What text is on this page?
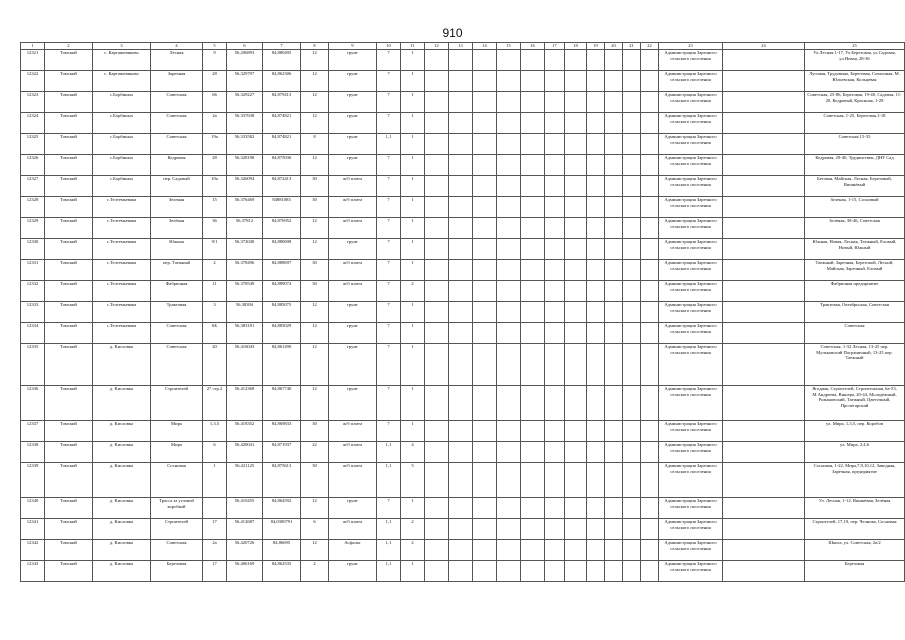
910
1	2	3	4	5	6	7	8	9	10	11	12	13	14	15	16	17	18	19	20	21	22	23	24	25
12321	Томский	с. Карташевиково	Лесная	9	56,206893	84,880495	12	грунт	7	1												Администрация Заречного сельского поселения		Ул.Лесная 1-17, Ул.Березовая, ул.Садовая, ул.Новая, 28-36
12322	Томский	с. Карташевиково	Заречная	28	56,329797	84,862306	12	грунт	7	1												Администрация Заречного сельского поселения		Лугоная, Трудовина, Береговая, Совхозная, М. Юльевская, Кольцевая
12323	Томский	с.Борбиных	Советская	66	56,329227	84,879413	12	грунт	7	1												Администрация Заречного сельского поселения		Советская, 25-86, Береговая, 19-40, Садовая, 11-20, Кедровый, Красноая, 1-28
12324	Томский	с.Борбиных	Советская	2а	56,337638	84,874821	12	грунт	7	1												Администрация Заречного сельского поселения		Советская, 1-25, Береговая,1-18
12325	Томский	с.Борбиных	Советская	19а	56,333582	84,874821	8	грунт	1,1	1												Администрация Заречного сельского поселения		Советская 15-35
12326	Томский	с.Борбиных	Кедровая	28	56,328198	84,875036	12	грунт	7	1												Администрация Заречного сельского поселения		Кедровая, 29-40, Трудинствен, ДНТ Сад
12327	Томский	с.Борбиных	пер. Садовый	10а	56,326094	84,872413	30	ж/б плита	7	1												Администрация Заречного сельского поселения		Беговая, Майская, Лесная, Березовый, Вишнёвый
12328	Томский	с.Телтемьевака	Зеленая	15	56,376469	84881083	30	ж/б плита	7	1												Администрация Заречного сельского поселения		Зеленая, 1-15, Сосновый
12329	Томский	с.Телтемьевака	Зелёная	36	56,37812	84,876952	12	ж/б плита	7	1												Администрация Заречного сельского поселения		Зелёная, 38-46, Советская
12330	Томский	с.Телтемьевака	Южная	9/1	56,372040	84,880698	12	грунт	7	1												Администрация Заречного сельского поселения		Южная, Новая, Лесная, Таежный, Еловый, Новый, Южный
12331	Томский	с.Телтемьевака	пер. Таежный	2	56,378496	84,888697	30	ж/б плита	7	1												Администрация Заречного сельского поселения		Таежный, Заречная, Береговой, Лесной, Майская, Заречный, Еловый
12332	Томский	с.Телтемьевака	Фабричная	11	56,378549	84,889074	30	ж/б плита	7	2												Администрация Заречного сельского поселения		Фабричная предприятие
12333	Томский	с.Телтемьевака	Трактовая	3	56,38394	84,885075	12	грунт	7	1												Администрация Заречного сельского поселения		Трактовая, Октябрьская, Советская
12334	Томский	с.Телтемьевака	Советская	6Б	56,383181	84,885029	12	грунт	7	1												Администрация Заречного сельского поселения		Советская
12335	Томский	д. Кисловка	Советская	20	56,416043	84,861490	12	грунт	7	1												Администрация Заречного сельского поселения		Советская, 1-32 Лесная, 13-25 пер. Мульковский Пограничный, 13-25 пер. Таежный
12336	Томский	д. Кисловка	Строителей	27 стр.2	56,412368	84,867740	12	грунт	7	1												Администрация Заречного сельского поселения		Ягодная, Строителей, Строительная, 6а-53, М.Андреева, Вишера, 20-44, Молодёжный, Рожановский, Таежный, Цветочный, Пролетарский
12337	Томский	д. Кисловка	Мира	1,3,5	56,418352	84,869833	30	ж/б плита	7	1												Администрация Заречного сельского поселения		ул. Мира, 1,3,5, пер. Коробов
12338	Томский	д. Кисловка	Мира	6	56,420041	84,871937	22	ж/б плита	1,1	4												Администрация Заречного сельского поселения		ул. Мира, 2,4,6
12339	Томский	д. Кисловка	Сосновая	1	56,421125	84,875613	30	ж/б плита	1,1	5												Администрация Заречного сельского поселения		Сосновая, 1-22, Мира,7,9,10,12, Заводная, Заречная, предприятие
12340	Томский	д. Кисловка	Трасса за угловой коробкой		56,410455	84,864592	12	грунт	7	1												Администрация Заречного сельского поселения		Ул. Лесная, 1-12, Вишнёвая, Зелёная
12341	Томский	д. Кисловка	Строителей	17	56,412687	84,0300791	6	ж/б плита	1,1	2												Администрация Заречного сельского поселения		Строителей, 17,19, пер. Челнова, Сосновая
12342	Томский	д. Кисловка	Советская	2а	56,420726	84,86695	12	Асфальт	1,1	2												Администрация Заречного сельского поселения		Школа, ул. Советская, 2а/2
12343	Томский	д. Кисловка	Березовая	17	56,406169	84,862535	2	грунт	1,1	1												Администрация Заречного сельского поселения		Березовая
